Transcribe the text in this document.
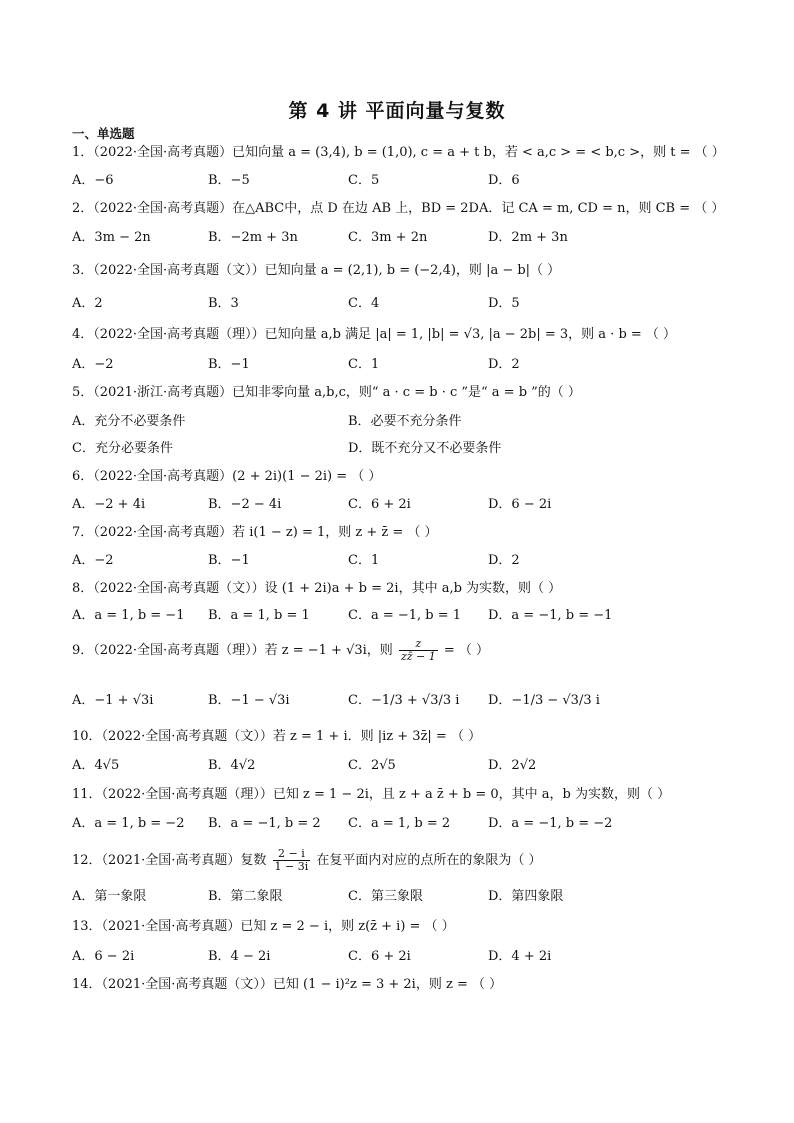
第 4 讲 平面向量与复数
一、单选题
1．（2022·全国·高考真题）已知向量 a = (3,4), b = (1,0), c = a + t b，若 < a,c > = < b,c >，则 t = （ ）
A．−6	B．−5	C．5	D．6
2．（2022·全国·高考真题）在△ABC中，点 D 在边 AB 上，BD = 2DA．记 CA = m, CD = n，则 CB = （ ）
A．3m − 2n	B．−2m + 3n	C．3m + 2n	D．2m + 3n
3．（2022·全国·高考真题（文））已知向量 a = (2,1), b = (−2,4)，则 |a − b|（ ）
A．2	B．3	C．4	D．5
4．（2022·全国·高考真题（理））已知向量 a,b 满足 |a| = 1, |b| = √3, |a − 2b| = 3，则 a · b = （ ）
A．−2	B．−1	C．1	D．2
5．（2021·浙江·高考真题）已知非零向量 a,b,c，则“ a · c = b · c ”是“ a = b ”的（ ）
A．充分不必要条件	B．必要不充分条件
C．充分必要条件	D．既不充分又不必要条件
6．（2022·全国·高考真题）(2 + 2i)(1 − 2i) = （ ）
A．−2 + 4i	B．−2 − 4i	C．6 + 2i	D．6 − 2i
7．（2022·全国·高考真题）若 i(1 − z) = 1，则 z + z̄ = （ ）
A．−2	B．−1	C．1	D．2
8．（2022·全国·高考真题（文））设 (1 + 2i)a + b = 2i，其中 a,b 为实数，则（ ）
A．a = 1, b = −1 B．a = 1, b = 1	C．a = −1, b = 1 D．a = −1, b = −1
9．（2022·全国·高考真题（理））若 z = −1 + √3i，则 $\frac{z}{zz̄ - 1}$ = （ ）
A．−1 + √3i	B．−1 − √3i	C．−1/3 + √3/3 i D．−1/3 − √3/3 i
10．（2022·全国·高考真题（文））若 z = 1 + i．则 |iz + 3z̄| = （ ）
A．4√5	B．4√2	C．2√5	D．2√2
11．（2022·全国·高考真题（理））已知 z = 1 − 2i，且 z + a z̄ + b = 0，其中 a，b 为实数，则（ ）
A．a = 1, b = −2 B．a = −1, b = 2 C．a = 1, b = 2	D．a = −1, b = −2
12．（2021·全国·高考真题）复数 $\frac{2 - i}{1 - 3i}$ 在复平面内对应的点所在的象限为（ ）
A．第一象限	B．第二象限	C．第三象限	D．第四象限
13．（2021·全国·高考真题）已知 z = 2 − i，则 z(z̄ + i) = （ ）
A．6 − 2i	B．4 − 2i	C．6 + 2i	D．4 + 2i
14．（2021·全国·高考真题（文））已知 (1 − i)²z = 3 + 2i，则 z = （ ）
